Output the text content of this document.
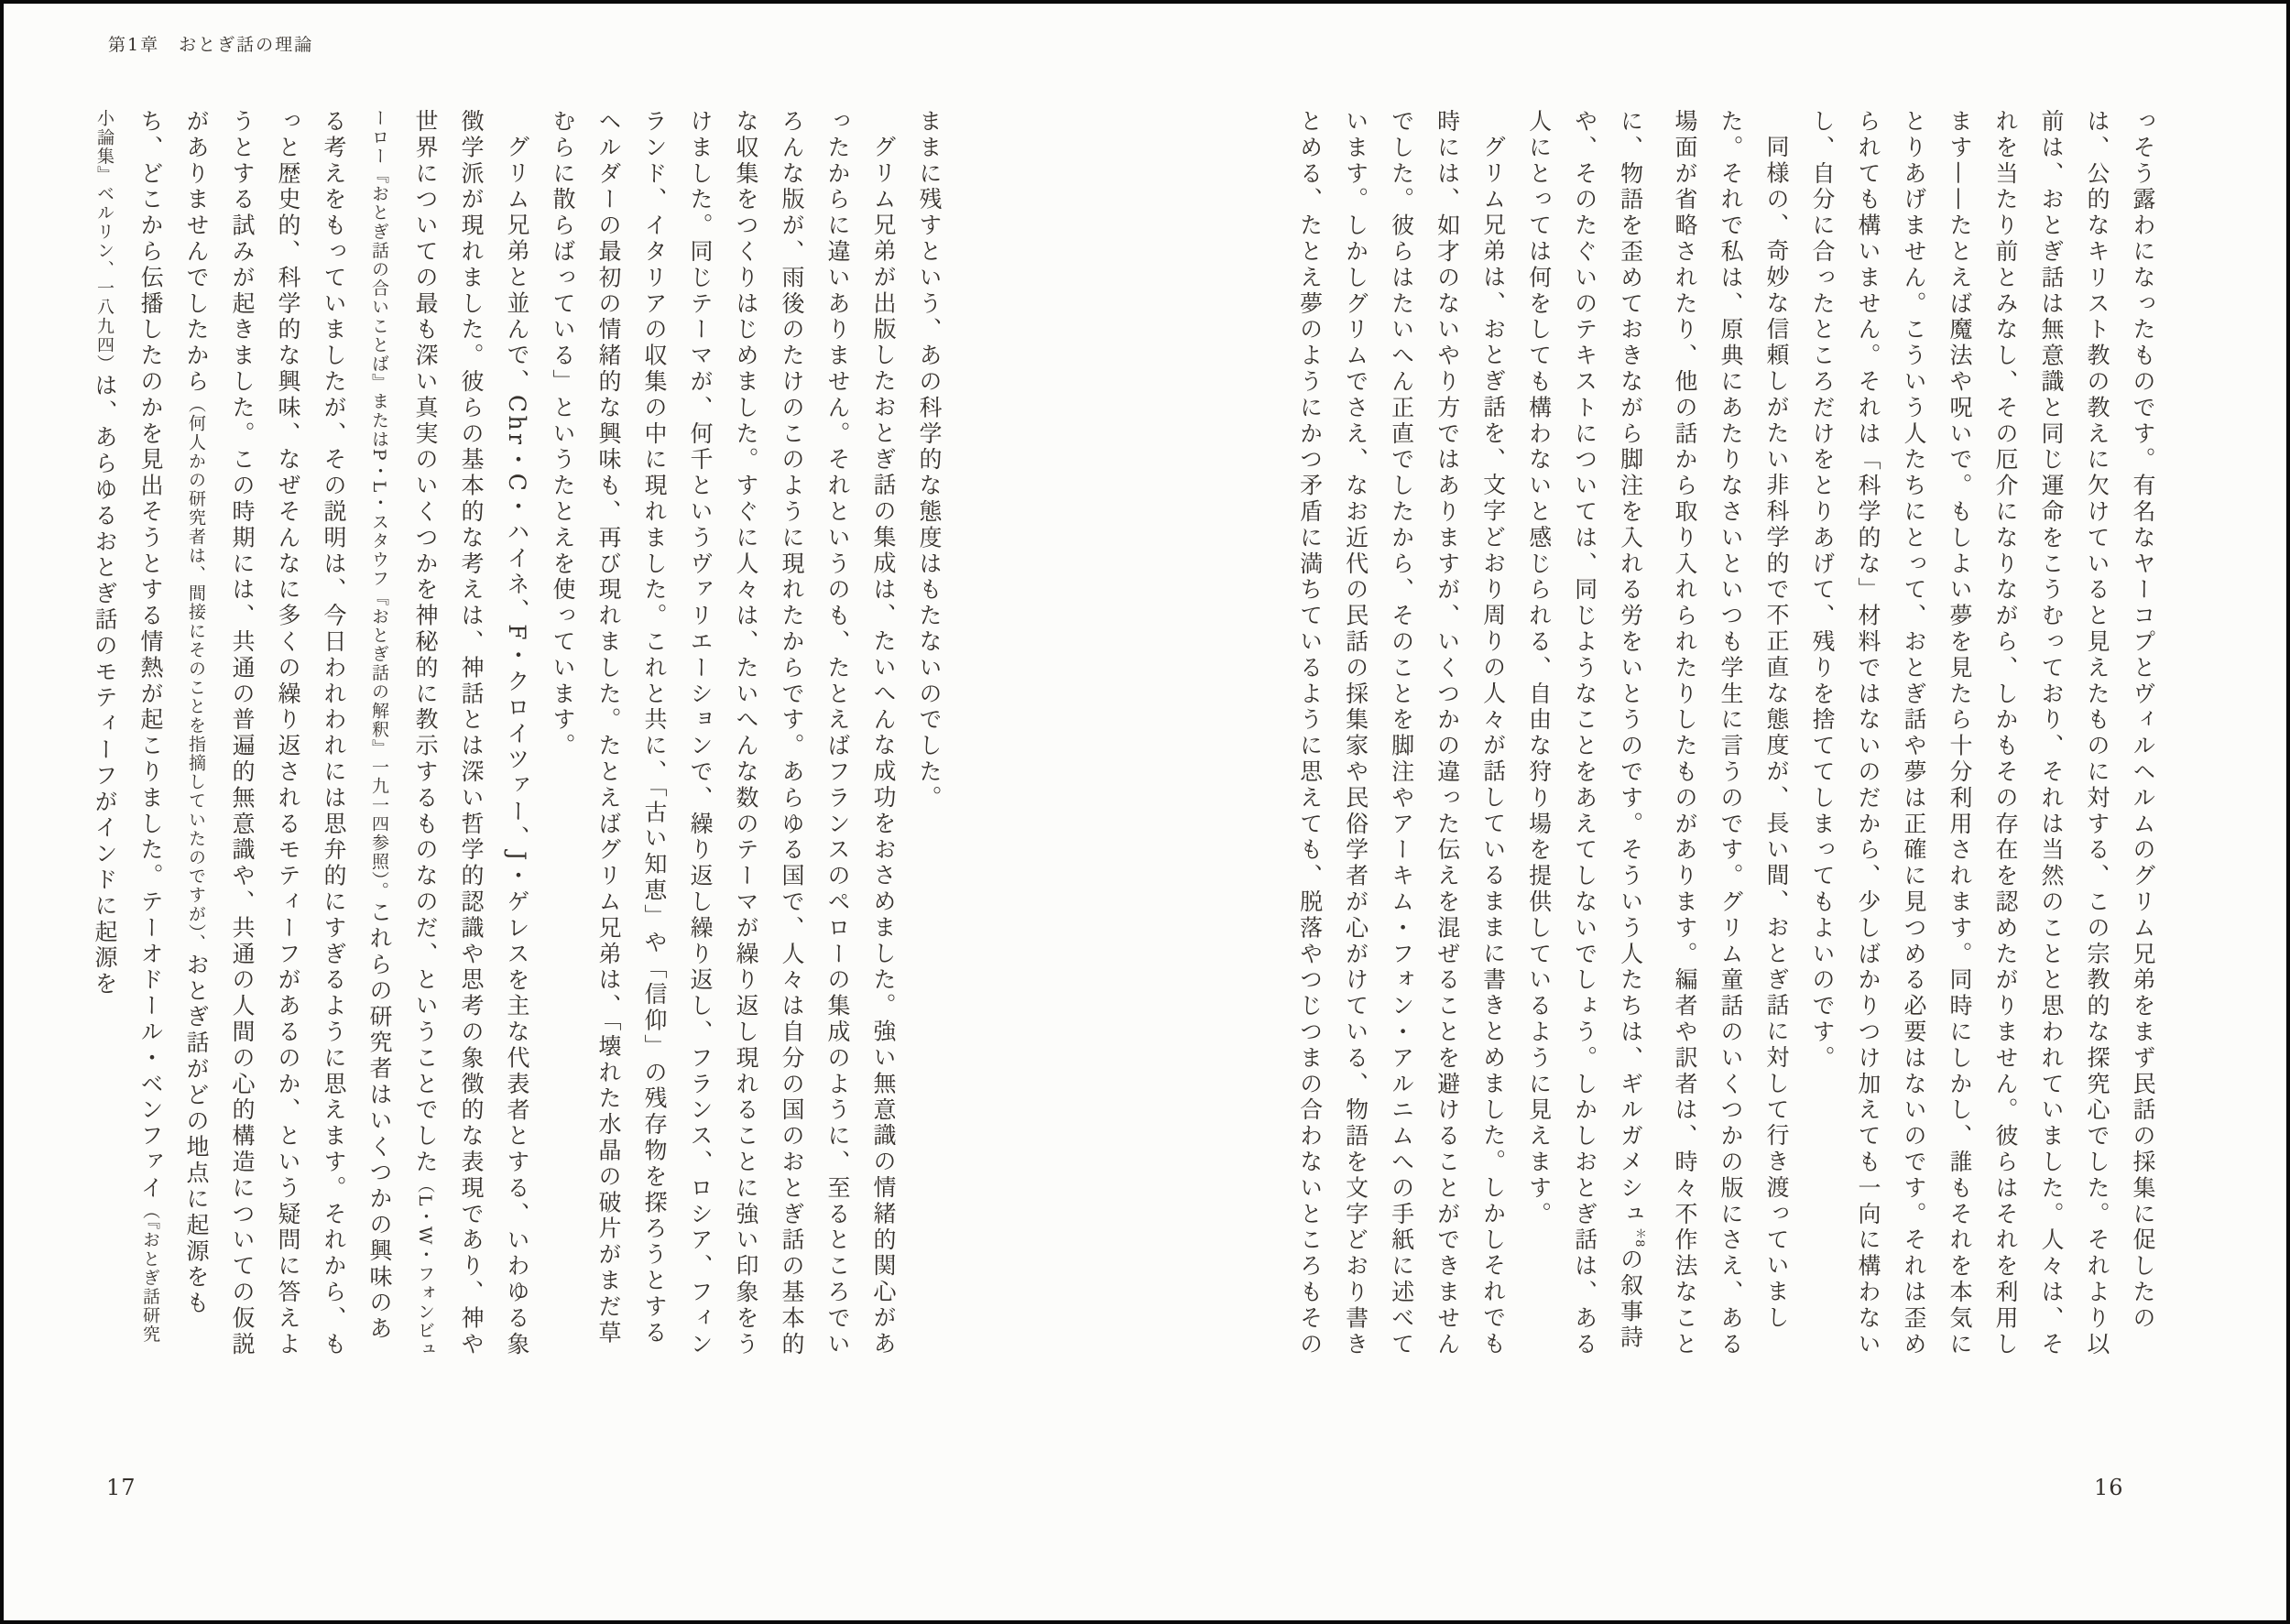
第1章　おとぎ話の理論

ままに残すという、あの科学的な態度はもたないのでした。

グリム兄弟が出版したおとぎ話の集成は、たいへんな成功をおさめました。強い無意識の情緒的関心があったからに違いありません。それというのも、たとえばフランスのペローの集成のように、至るところでいろんな版が、雨後のたけのこのように現れたからです。あらゆる国で、人々は自分の国のおとぎ話の基本的な収集をつくりはじめました。すぐに人々は、たいへんな数のテーマが繰り返し現れることに強い印象をうけました。同じテーマが、何千というヴァリエーションで、繰り返し繰り返し、フランス、ロシア、フィンランド、イタリアの収集の中に現れました。これと共に、「古い知恵」や「信仰」の残存物を探ろうとするヘルダーの最初の情緒的な興味も、再び現れました。たとえばグリム兄弟は、「壊れた水晶の破片がまだ草むらに散らばっている」というたとえを使っています。

グリム兄弟と並んで、Chr・C・ハイネ、F・クロイツァー、J・ゲレスを主な代表者とする、いわゆる象徴学派が現れました。彼らの基本的な考えは、神話とは深い哲学的認識や思考の象徴的な表現であり、神や世界についての最も深い真実のいくつかを神秘的に教示するものなのだ、ということでした（L・W・フォンビューロー『おとぎ話の合いことば』またはP・L・スタウフ『おとぎ話の解釈』一九一四参照）。これらの研究者はいくつかの興味のある考えをもっていましたが、その説明は、今日われわれには思弁的にすぎるように思えます。それから、もっと歴史的、科学的な興味、なぜそんなに多くの繰り返されるモティーフがあるのか、という疑問に答えようとする試みが起きました。この時期には、共通の普遍的無意識や、共通の人間の心的構造についての仮説がありませんでしたから（何人かの研究者は、間接にそのことを指摘していたのですが）、おとぎ話がどの地点に起源をもち、どこから伝播したのかを見出そうとする情熱が起こりました。テーオドール・ベンファイ（『おとぎ話研究小論集』ベルリン、一八九四）は、あらゆるおとぎ話のモティーフがインドに起源を	っそう露わになったものです。有名なヤーコプとヴィルヘルムのグリム兄弟をまず民話の採集に促したのは、公的なキリスト教の教えに欠けていると見えたものに対する、この宗教的な探究心でした。それより以前は、おとぎ話は無意識と同じ運命をこうむっており、それは当然のことと思われていました。人々は、それを当たり前とみなし、その厄介になりながら、しかもその存在を認めたがりません。彼らはそれを利用します——たとえば魔法や呪いで。もしよい夢を見たら十分利用されます。同時にしかし、誰もそれを本気にとりあげません。こういう人たちにとって、おとぎ話や夢は正確に見つめる必要はないのです。それは歪められても構いません。それは「科学的な」材料ではないのだから、少しばかりつけ加えても一向に構わないし、自分に合ったところだけをとりあげて、残りを捨ててしまってもよいのです。

同様の、奇妙な信頼しがたい非科学的で不正直な態度が、長い間、おとぎ話に対して行き渡っていました。それで私は、原典にあたりなさいといつも学生に言うのです。グリム童話のいくつかの版にさえ、ある場面が省略されたり、他の話から取り入れられたりしたものがあります。編者や訳者は、時々不作法なことに、物語を歪めておきながら脚注を入れる労をいとうのです。そういう人たちは、ギルガメシュ$^{*8}$の叙事詩や、そのたぐいのテキストについては、同じようなことをあえてしないでしょう。しかしおとぎ話は、ある人にとっては何をしても構わないと感じられる、自由な狩り場を提供しているように見えます。

グリム兄弟は、おとぎ話を、文字どおり周りの人々が話しているままに書きとめました。しかしそれでも時には、如才のないやり方ではありますが、いくつかの違った伝えを混ぜることを避けることができませんでした。彼らはたいへん正直でしたから、そのことを脚注やアーキム・フォン・アルニムへの手紙に述べています。しかしグリムでさえ、なお近代の民話の採集家や民俗学者が心がけている、物語を文字どおり書きとめる、たとえ夢のようにかつ矛盾に満ちているように思えても、脱落やつじつまの合わないところもその

17	16
